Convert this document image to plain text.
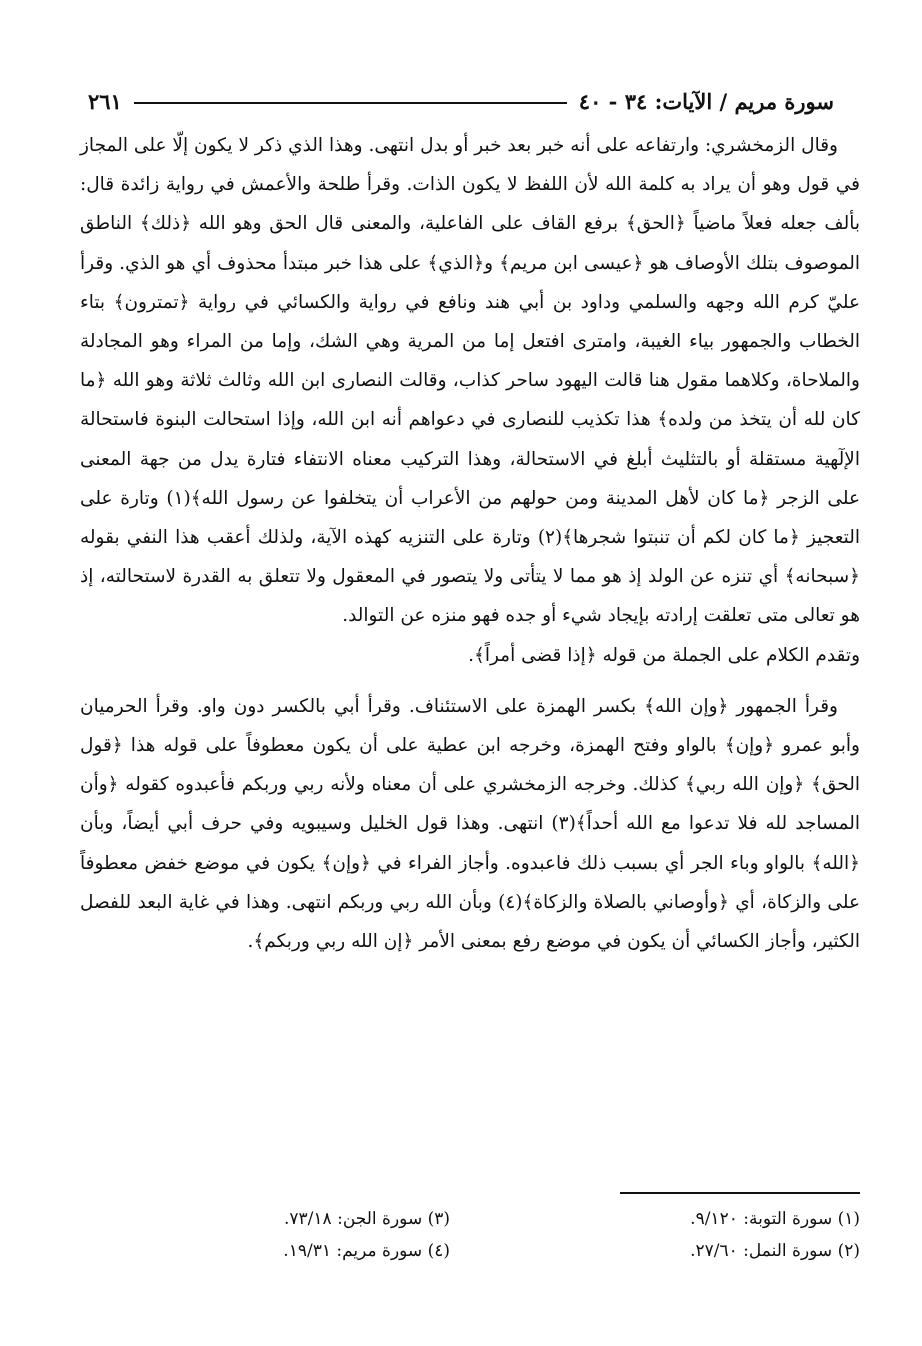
سورة مريم / الآيات: ٣٤ - ٤٠
٢٦١

وقال الزمخشري: وارتفاعه على أنه خبر بعد خبر أو بدل انتهى. وهذا الذي ذكر لا يكون إلّا على المجاز في قول وهو أن يراد به كلمة الله لأن اللفظ لا يكون الذات. وقرأ طلحة والأعمش في رواية زائدة قال: بألف جعله فعلاً ماضياً ﴿الحق﴾ برفع القاف على الفاعلية، والمعنى قال الحق وهو الله ﴿ذلك﴾ الناطق الموصوف بتلك الأوصاف هو ﴿عيسى ابن مريم﴾ و﴿الذي﴾ على هذا خبر مبتدأ محذوف أي هو الذي. وقرأ عليّ كرم الله وجهه والسلمي وداود بن أبي هند ونافع في رواية والكسائي في رواية ﴿تمترون﴾ بتاء الخطاب والجمهور بياء الغيبة، وامترى افتعل إما من المرية وهي الشك، وإما من المراء وهو المجادلة والملاحاة، وكلاهما مقول هنا قالت اليهود ساحر كذاب، وقالت النصارى ابن الله وثالث ثلاثة وهو الله ﴿ما كان لله أن يتخذ من ولده﴾ هذا تكذيب للنصارى في دعواهم أنه ابن الله، وإذا استحالت البنوة فاستحالة الإلٓهية مستقلة أو بالتثليث أبلغ في الاستحالة، وهذا التركيب معناه الانتفاء فتارة يدل من جهة المعنى على الزجر ﴿ما كان لأهل المدينة ومن حولهم من الأعراب أن يتخلفوا عن رسول الله﴾(١) وتارة على التعجيز ﴿ما كان لكم أن تنبتوا شجرها﴾(٢) وتارة على التنزيه كهذه الآية، ولذلك أعقب هذا النفي بقوله ﴿سبحانه﴾ أي تنزه عن الولد إذ هو مما لا يتأتى ولا يتصور في المعقول ولا تتعلق به القدرة لاستحالته، إذ هو تعالى متى تعلقت إرادته بإيجاد شيء أو جده فهو منزه عن التوالد.

وتقدم الكلام على الجملة من قوله ﴿إذا قضى أمراً﴾.

وقرأ الجمهور ﴿وإن الله﴾ بكسر الهمزة على الاستئناف. وقرأ أبي بالكسر دون واو. وقرأ الحرميان وأبو عمرو ﴿وإن﴾ بالواو وفتح الهمزة، وخرجه ابن عطية على أن يكون معطوفاً على قوله هذا ﴿قول الحق﴾ ﴿وإن الله ربي﴾ كذلك. وخرجه الزمخشري على أن معناه ولأنه ربي وربكم فأعبدوه كقوله ﴿وأن المساجد لله فلا تدعوا مع الله أحداً﴾(٣) انتهى. وهذا قول الخليل وسيبويه وفي حرف أبي أيضاً، وبأن ﴿الله﴾ بالواو وباء الجر أي بسبب ذلك فاعبدوه. وأجاز الفراء في ﴿وإن﴾ يكون في موضع خفض معطوفاً على والزكاة، أي ﴿وأوصاني بالصلاة والزكاة﴾(٤) وبأن الله ربي وربكم انتهى. وهذا في غاية البعد للفصل الكثير، وأجاز الكسائي أن يكون في موضع رفع بمعنى الأمر ﴿إن الله ربي وربكم﴾.

(١) سورة التوبة: ٩/١٢٠.
(٣) سورة الجن: ٧٣/١٨.
(٢) سورة النمل: ٢٧/٦٠.
(٤) سورة مريم: ١٩/٣١.
